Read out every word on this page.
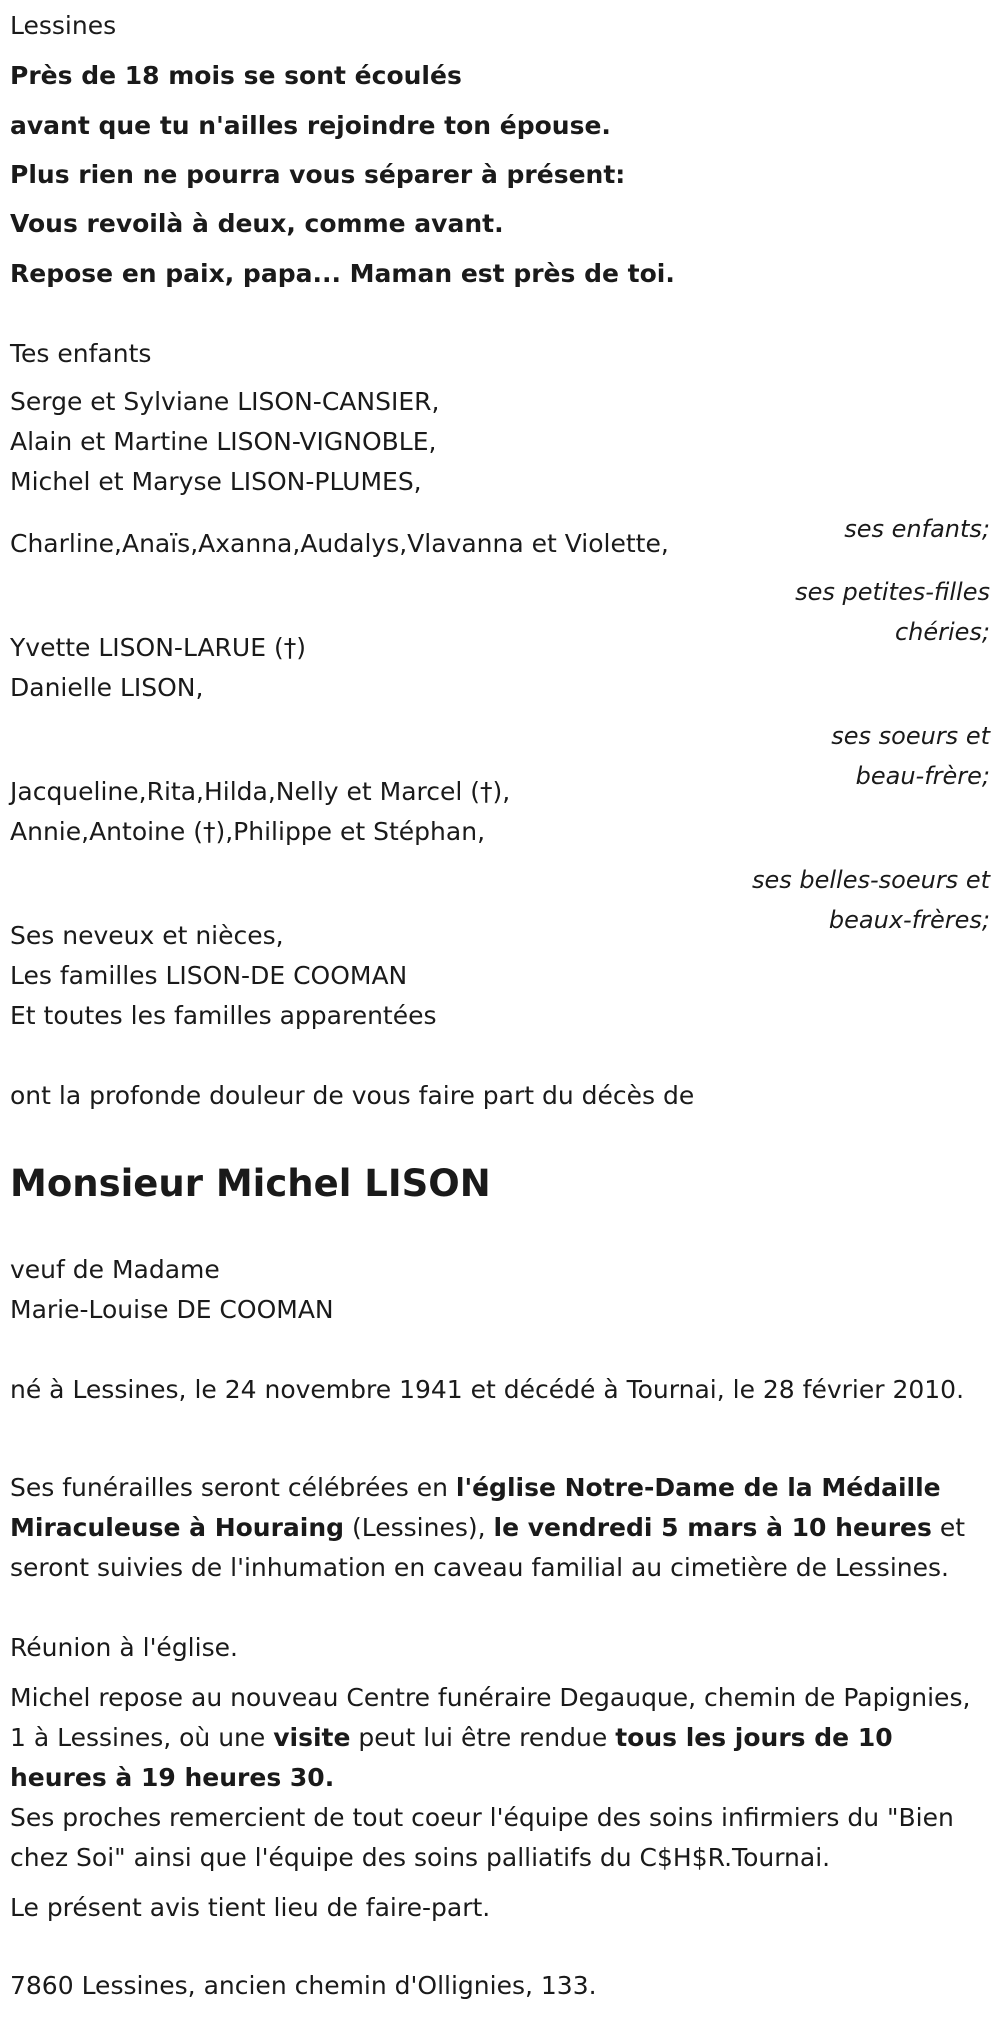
Lessines

Près de 18 mois se sont écoulés

avant que tu n'ailles rejoindre ton épouse.

Plus rien ne pourra vous séparer à présent:

Vous revoilà à deux, comme avant.

Repose en paix, papa... Maman est près de toi.

Tes enfants

Serge et Sylviane LISON-CANSIER,

Alain et Martine LISON-VIGNOBLE,

Michel et Maryse LISON-PLUMES,

ses enfants;

Charline,Anaïs,Axanna,Audalys,Vlavanna et Violette,

ses petites-filles

chéries;

Yvette LISON-LARUE (†)

Danielle LISON,

ses soeurs et

beau-frère;

Jacqueline,Rita,Hilda,Nelly et Marcel (†),

Annie,Antoine (†),Philippe et Stéphan,

ses belles-soeurs et

beaux-frères;

Ses neveux et nièces,

Les familles LISON-DE COOMAN

Et toutes les familles apparentées

ont la profonde douleur de vous faire part du décès de

Monsieur Michel LISON

veuf de Madame

Marie-Louise DE COOMAN

né à Lessines, le 24 novembre 1941 et décédé à Tournai, le 28 février 2010.

Ses funérailles seront célébrées en l'église Notre-Dame de la Médaille Miraculeuse à Houraing (Lessines), le vendredi 5 mars à 10 heures et seront suivies de l'inhumation en caveau familial au cimetière de Lessines.

Réunion à l'église.

Michel repose au nouveau Centre funéraire Degauque, chemin de Papignies, 1 à Lessines, où une visite peut lui être rendue tous les jours de 10 heures à 19 heures 30.

Ses proches remercient de tout coeur l'équipe des soins infirmiers du "Bien chez Soi" ainsi que l'équipe des soins palliatifs du C$H$R.Tournai.

Le présent avis tient lieu de faire-part.

7860 Lessines, ancien chemin d'Ollignies, 133.
